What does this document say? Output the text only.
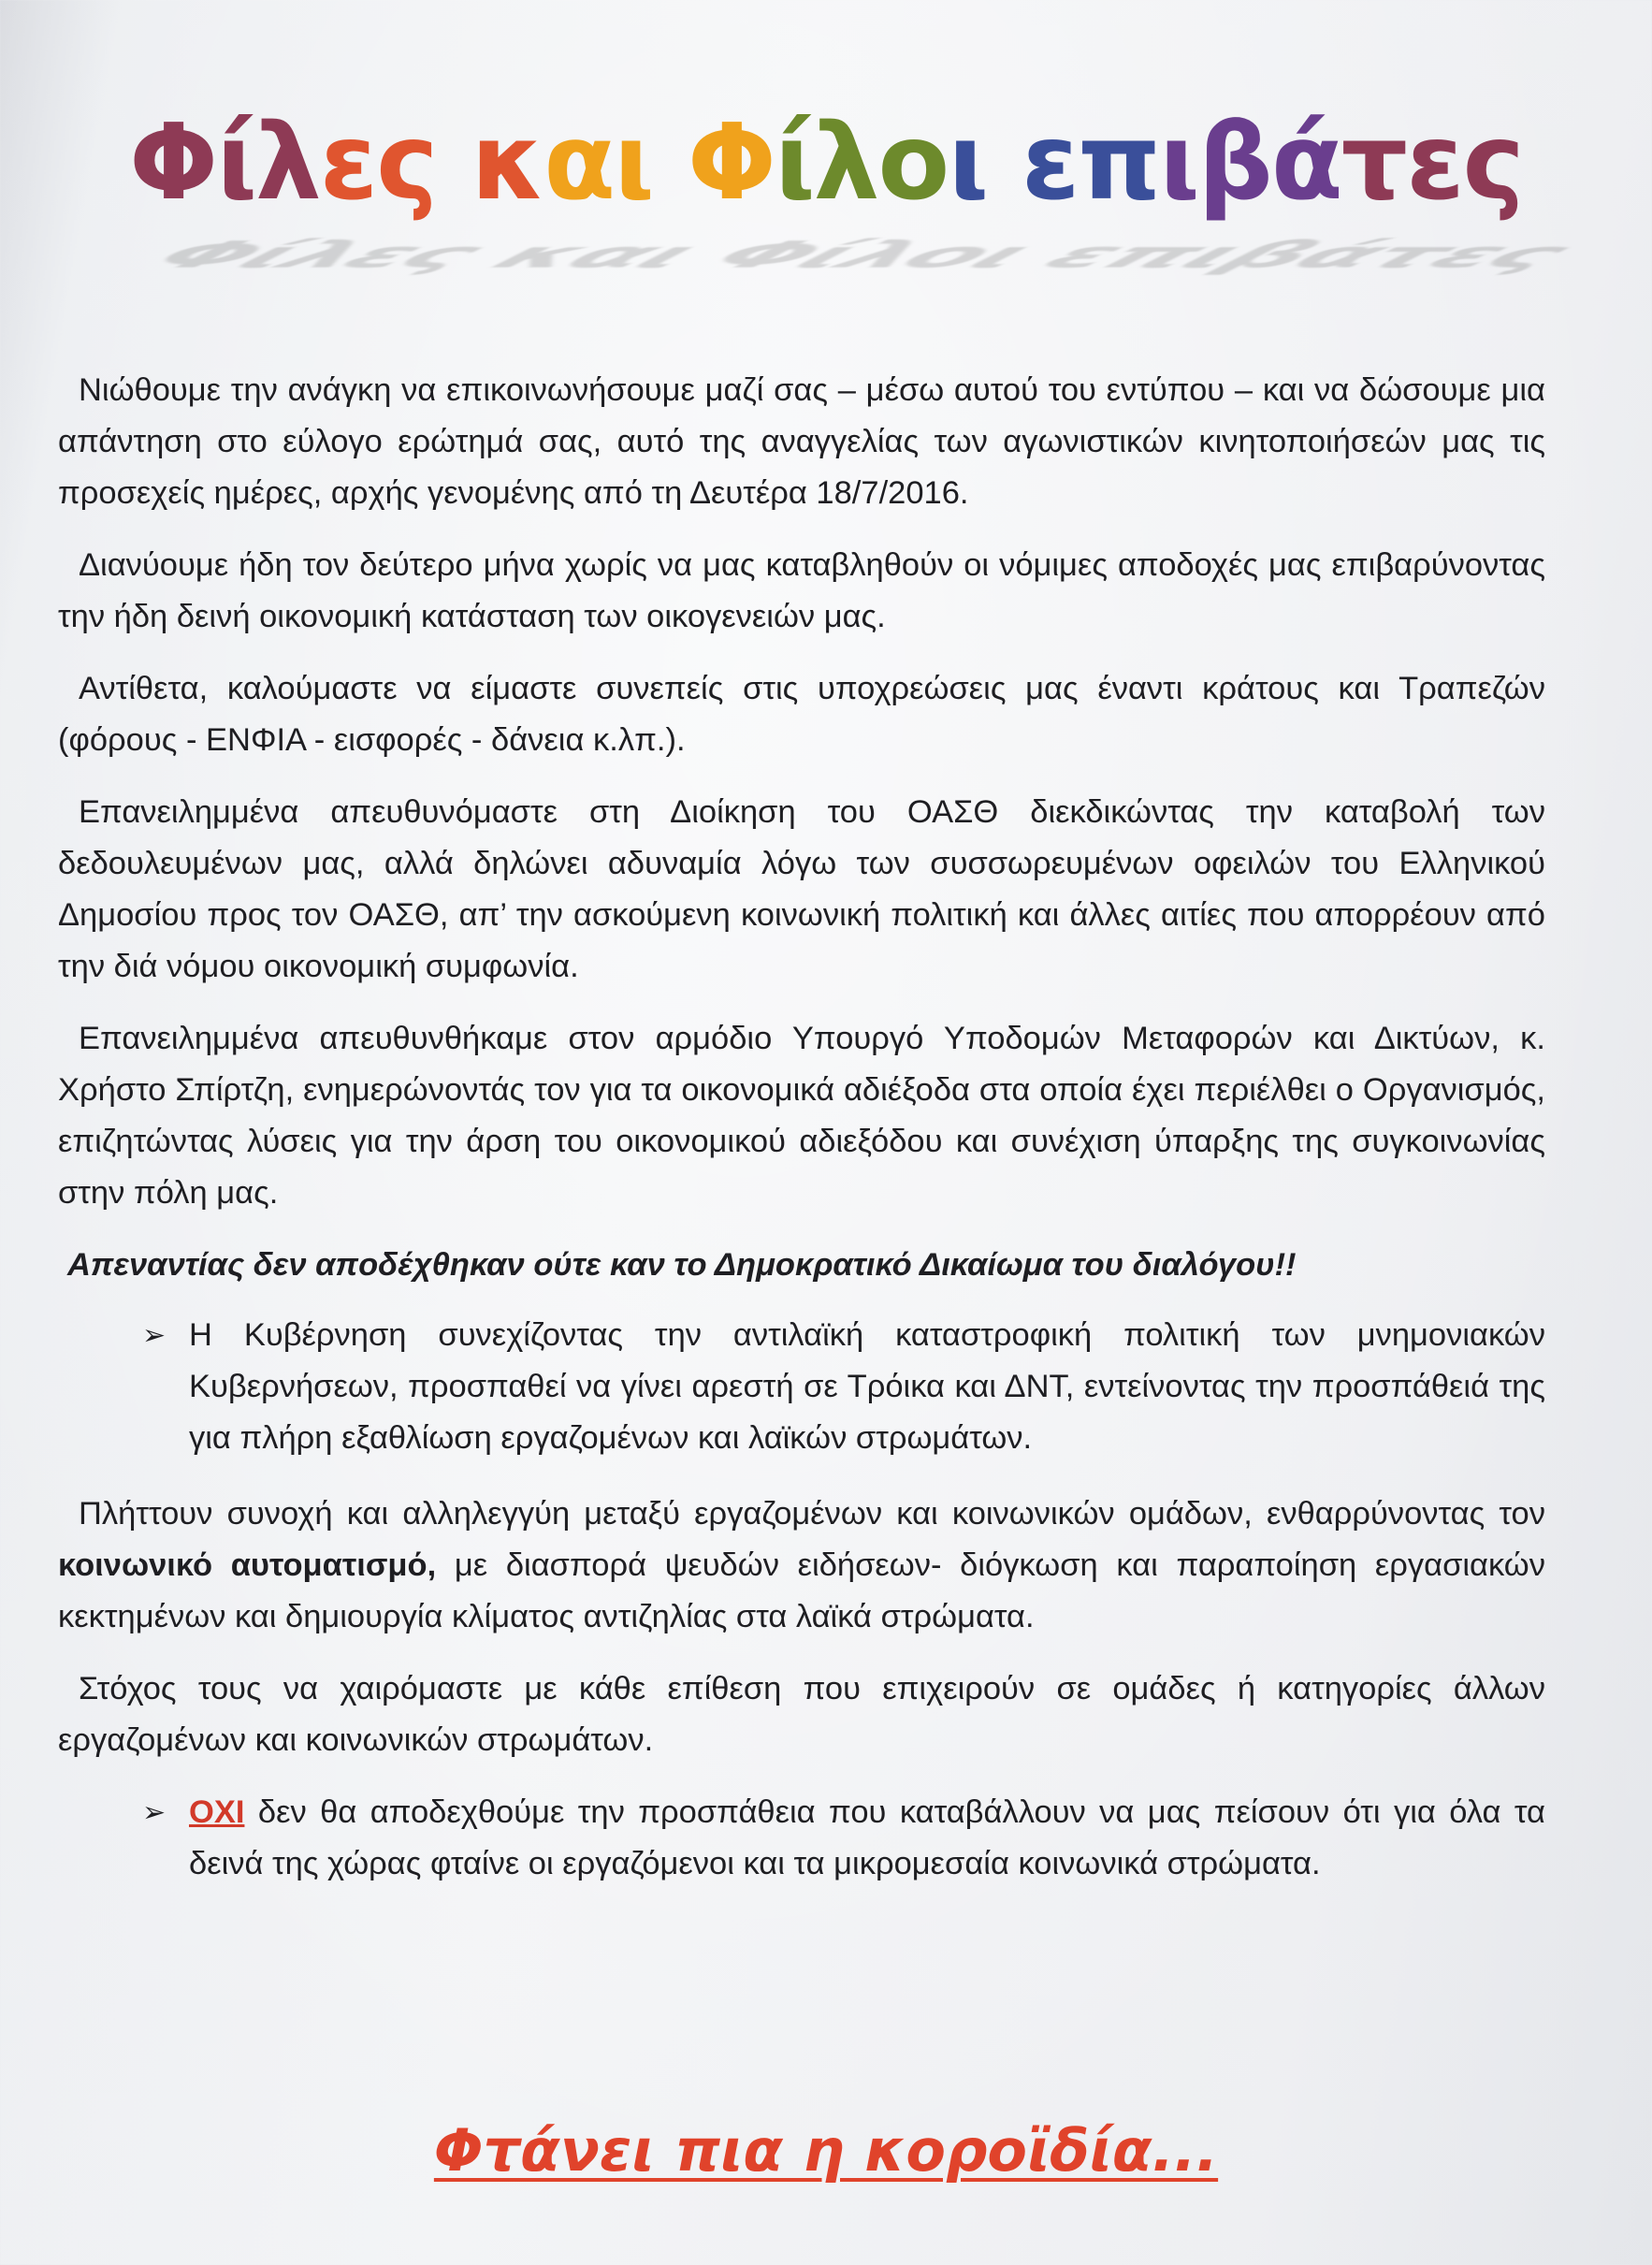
Φίλες και Φίλοι επιβάτες
Φίλες και Φίλοι επιβάτες

Νιώθουμε την ανάγκη να επικοινωνήσουμε μαζί σας – μέσω αυτού του εντύπου – και να δώσουμε μια απάντηση στο εύλογο ερώτημά σας, αυτό της αναγγελίας των αγωνιστικών κινητοποιήσεών μας τις προσεχείς ημέρες, αρχής γενομένης από τη Δευτέρα 18/7/2016.

Διανύουμε ήδη τον δεύτερο μήνα χωρίς να μας καταβληθούν οι νόμιμες αποδοχές μας επιβαρύνοντας την ήδη δεινή οικονομική κατάσταση των οικογενειών μας.

Αντίθετα, καλούμαστε να είμαστε συνεπείς στις υποχρεώσεις μας έναντι κράτους και Τραπεζών (φόρους - ΕΝΦΙΑ - εισφορές - δάνεια κ.λπ.).

Επανειλημμένα απευθυνόμαστε στη Διοίκηση του ΟΑΣΘ διεκδικώντας την καταβολή των δεδουλευμένων μας, αλλά δηλώνει αδυναμία λόγω των συσσωρευμένων οφειλών του Ελληνικού Δημοσίου προς τον ΟΑΣΘ, απ’ την ασκούμενη κοινωνική πολιτική και άλλες αιτίες που απορρέουν από την διά νόμου οικονομική συμφωνία.

Επανειλημμένα απευθυνθήκαμε στον αρμόδιο Υπουργό Υποδομών Μεταφορών και Δικτύων, κ. Χρήστο Σπίρτζη, ενημερώνοντάς τον για τα οικονομικά αδιέξοδα στα οποία έχει περιέλθει ο Οργανισμός, επιζητώντας λύσεις για την άρση του οικονομικού αδιεξόδου και συνέχιση ύπαρξης της συγκοινωνίας στην πόλη μας.

Απεναντίας δεν αποδέχθηκαν ούτε καν το Δημοκρατικό Δικαίωμα του διαλόγου!!

➢ Η Κυβέρνηση συνεχίζοντας την αντιλαϊκή καταστροφική πολιτική των μνημονιακών Κυβερνήσεων, προσπαθεί να γίνει αρεστή σε Τρόικα και ΔΝΤ, εντείνοντας την προσπάθειά της για πλήρη εξαθλίωση εργαζομένων και λαϊκών στρωμάτων.

Πλήττουν συνοχή και αλληλεγγύη μεταξύ εργαζομένων και κοινωνικών ομάδων, ενθαρρύνοντας τον κοινωνικό αυτοματισμό, με διασπορά ψευδών ειδήσεων- διόγκωση και παραποίηση εργασιακών κεκτημένων και δημιουργία κλίματος αντιζηλίας στα λαϊκά στρώματα.

Στόχος τους να χαιρόμαστε με κάθε επίθεση που επιχειρούν σε ομάδες ή κατηγορίες άλλων εργαζομένων και κοινωνικών στρωμάτων.

➢ ΟΧΙ δεν θα αποδεχθούμε την προσπάθεια που καταβάλλουν να μας πείσουν ότι για όλα τα δεινά της χώρας φταίνε οι εργαζόμενοι και τα μικρομεσαία κοινωνικά στρώματα.
Φτάνει πια η κοροϊδία...
